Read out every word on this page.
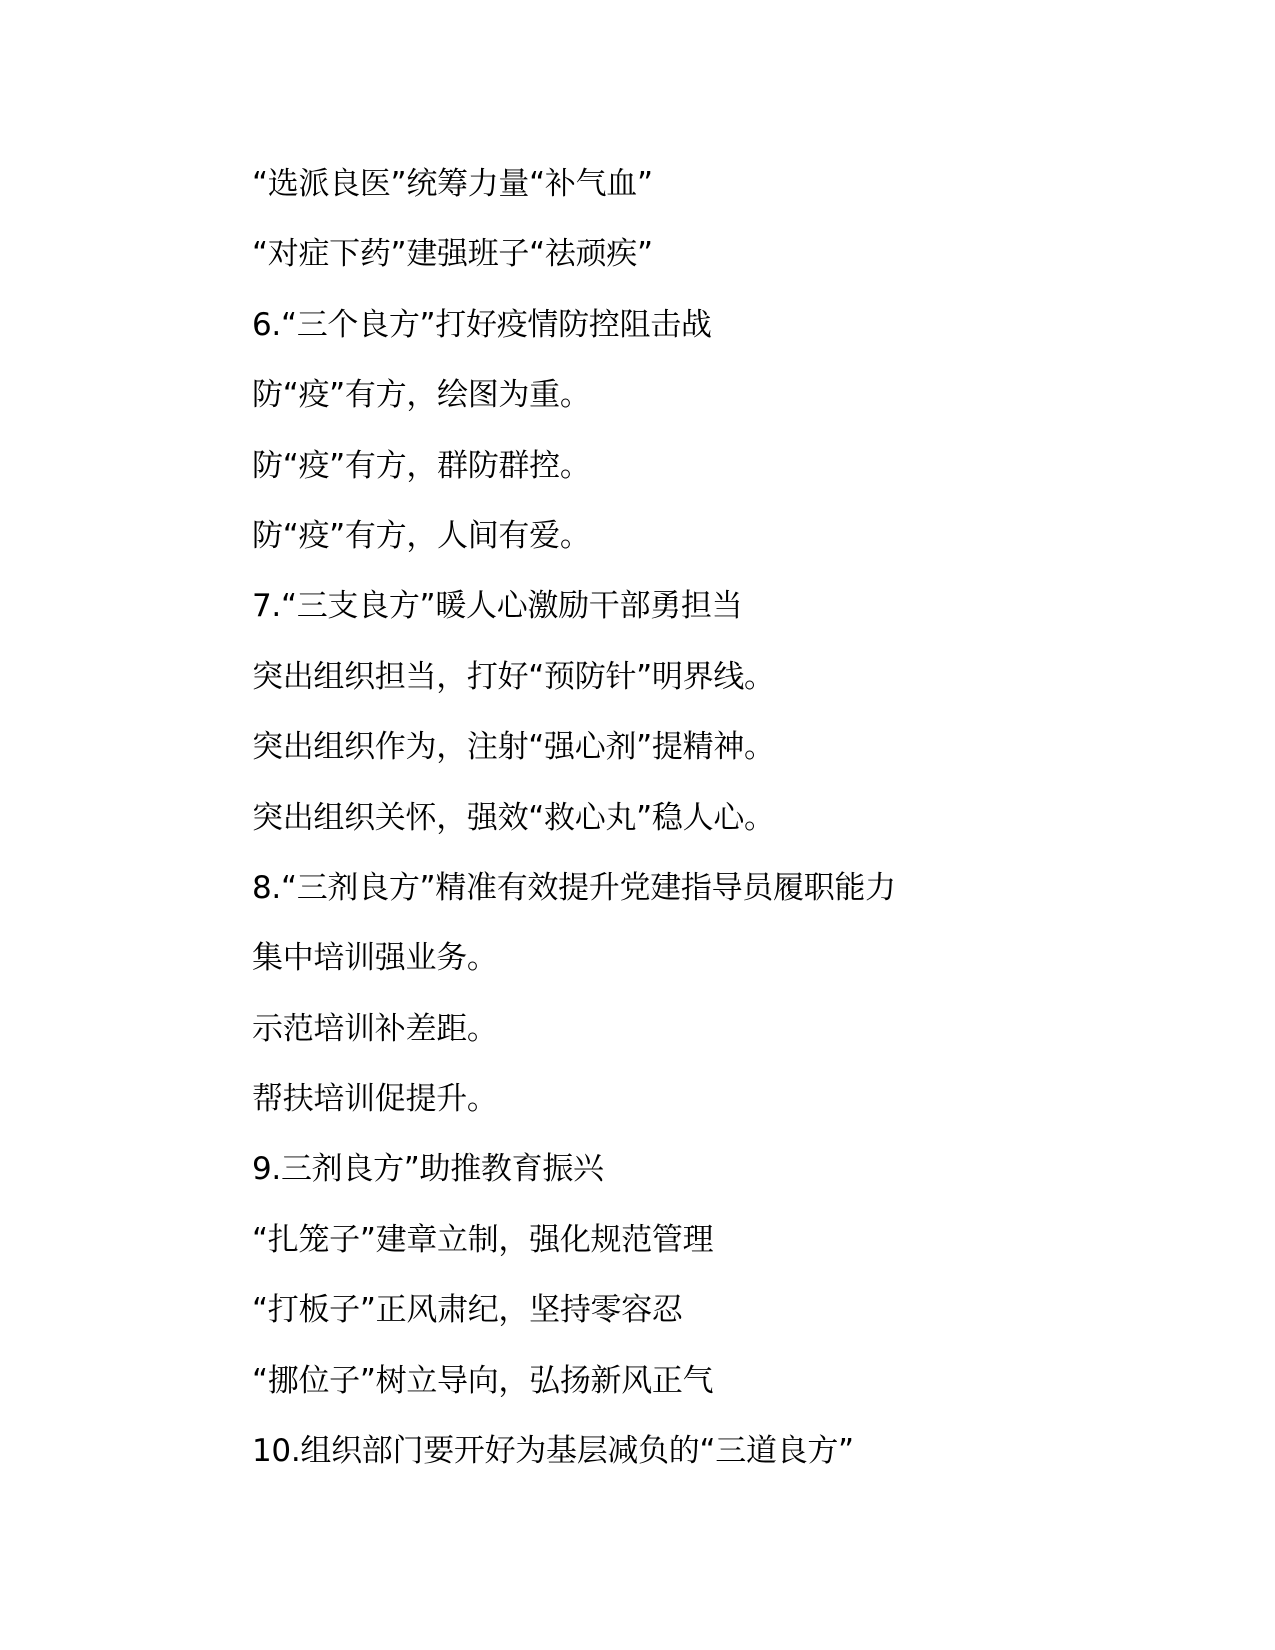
“选派良医”统筹力量“补气血”
“对症下药”建强班子“祛顽疾”
6.“三个良方”打好疫情防控阻击战
防“疫”有方，绘图为重。
防“疫”有方，群防群控。
防“疫”有方，人间有爱。
7.“三支良方”暖人心激励干部勇担当
突出组织担当，打好“预防针”明界线。
突出组织作为，注射“强心剂”提精神。
突出组织关怀，强效“救心丸”稳人心。
8.“三剂良方”精准有效提升党建指导员履职能力
集中培训强业务。
示范培训补差距。
帮扶培训促提升。
9.三剂良方”助推教育振兴
“扎笼子”建章立制，强化规范管理
“打板子”正风肃纪，坚持零容忍
“挪位子”树立导向，弘扬新风正气
10.组织部门要开好为基层减负的“三道良方”
